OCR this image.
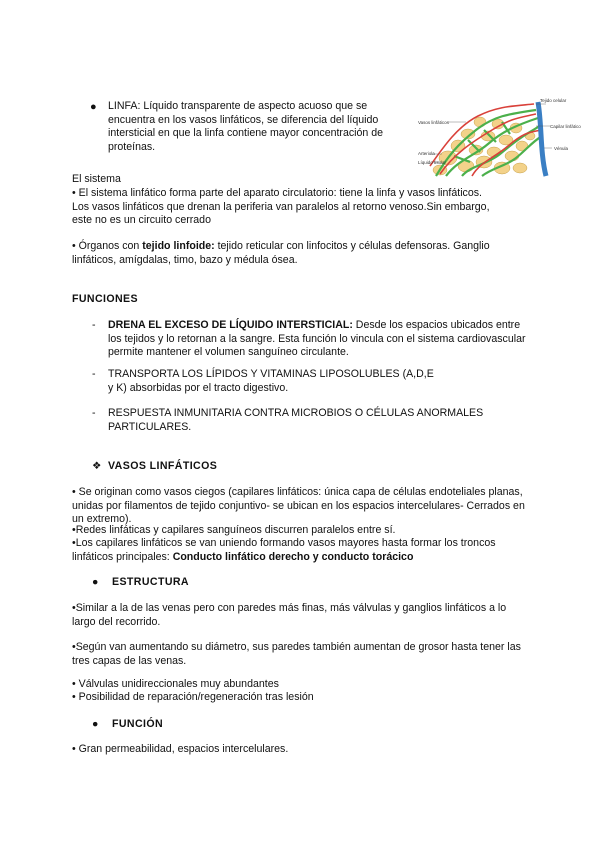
● LINFA: Líquido transparente de aspecto acuoso que se encuentra en los vasos linfáticos, se diferencia del líquido intersticial en que la linfa contiene mayor concentración de proteínas.
Tejido celular
Vasos linfáticos
Capilar linfático
Vénula
Arteriola
Líquido tisular
El sistema
• El sistema linfático forma parte del aparato circulatorio: tiene la linfa y vasos linfáticos. Los vasos linfáticos que drenan la periferia van paralelos al retorno venoso.Sin embargo, este no es un circuito cerrado
• Órganos con tejido linfoide: tejido reticular con linfocitos y células defensoras. Ganglio linfáticos, amígdalas, timo, bazo y médula ósea.
FUNCIONES
- DRENA EL EXCESO DE LÍQUIDO INTERSTICIAL: Desde los espacios ubicados entre los tejidos y lo retornan a la sangre. Esta función lo vincula con el sistema cardiovascular permite mantener el volumen sanguíneo circulante.
- TRANSPORTA LOS LÍPIDOS Y VITAMINAS LIPOSOLUBLES (A,D,E y K) absorbidas por el tracto digestivo.
- RESPUESTA INMUNITARIA CONTRA MICROBIOS O CÉLULAS ANORMALES PARTICULARES.
❖ VASOS LINFÁTICOS
• Se originan como vasos ciegos (capilares linfáticos: única capa de células endoteliales planas, unidas por filamentos de tejido conjuntivo- se ubican en los espacios intercelulares- Cerrados en un extremo).
•Redes linfáticas y capilares sanguíneos discurren paralelos entre sí.
•Los capilares linfáticos se van uniendo formando vasos mayores hasta formar los troncos linfáticos principales: Conducto linfático derecho y conducto torácico
● ESTRUCTURA
•Similar a la de las venas pero con paredes más finas, más válvulas y ganglios linfáticos a lo largo del recorrido.
•Según van aumentando su diámetro, sus paredes también aumentan de grosor hasta tener las tres capas de las venas.
• Válvulas unidireccionales muy abundantes
• Posibilidad de reparación/regeneración tras lesión
● FUNCIÓN
• Gran permeabilidad, espacios intercelulares.
